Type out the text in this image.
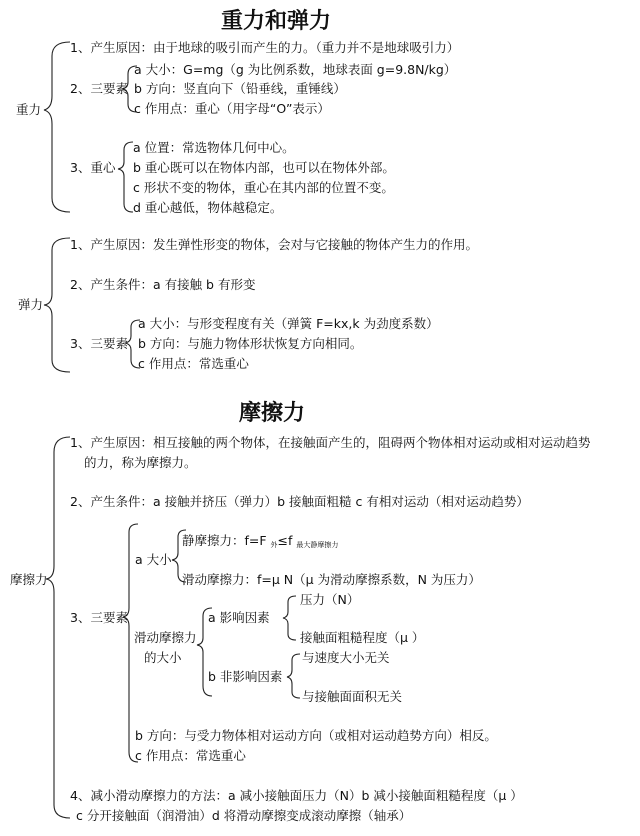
重力和弹力
重力
1、产生原因：由于地球的吸引而产生的力。（重力并不是地球吸引力）
2、三要素
a 大小：G=mg（g 为比例系数，地球表面 g=9.8N/kg）
b 方向：竖直向下（铅垂线，重锤线）
c 作用点：重心（用字母“O”表示）
3、重心
a 位置：常选物体几何中心。
b 重心既可以在物体内部，也可以在物体外部。
c 形状不变的物体，重心在其内部的位置不变。
d 重心越低，物体越稳定。
弹力
1、产生原因：发生弹性形变的物体，会对与它接触的物体产生力的作用。
2、产生条件：a 有接触 b 有形变
3、三要素
a 大小：与形变程度有关（弹簧 F=kx,k 为劲度系数）
b 方向：与施力物体形状恢复方向相同。
c 作用点：常选重心
摩擦力
摩擦力
1、产生原因：相互接触的两个物体，在接触面产生的，阻碍两个物体相对运动或相对运动趋势
的力，称为摩擦力。
2、产生条件：a 接触并挤压（弹力）b 接触面粗糙 c 有相对运动（相对运动趋势）
3、三要素
a 大小
静摩擦力：f=F $_外$≤f $_{最大静摩擦力}$
滑动摩擦力：f=μ N（μ 为滑动摩擦系数，N 为压力）
滑动摩擦力
的大小
a 影响因素
压力（N）
接触面粗糙程度（μ ）
b 非影响因素
与速度大小无关
与接触面面积无关
b 方向：与受力物体相对运动方向（或相对运动趋势方向）相反。
c 作用点：常选重心
4、减小滑动摩擦力的方法：a 减小接触面压力（N）b 减小接触面粗糙程度（μ ）
c 分开接触面（润滑油）d 将滑动摩擦变成滚动摩擦（轴承）
